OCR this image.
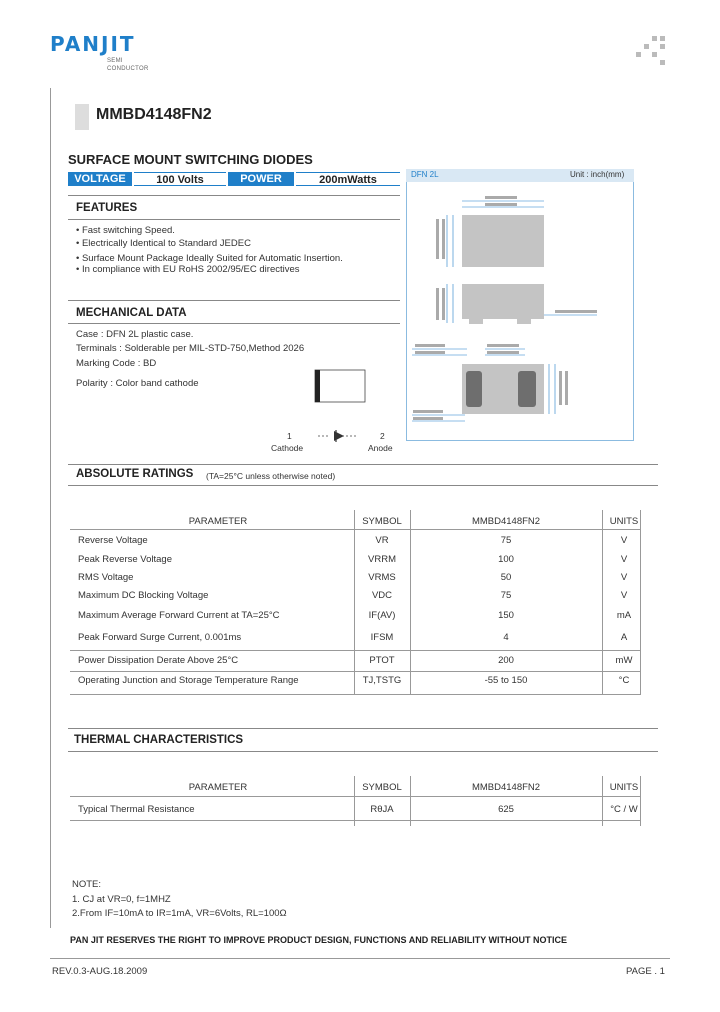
PANJIT
SEMI
CONDUCTOR
MMBD4148FN2
SURFACE MOUNT SWITCHING DIODES
VOLTAGE	100 Volts	POWER	200mWatts	DFN 2L	Unit : inch(mm)
FEATURES
• Fast switching Speed.
• Electrically Identical to Standard JEDEC
• Surface Mount Package Ideally Suited for Automatic Insertion.
• In compliance with EU RoHS 2002/95/EC directives
MECHANICAL DATA
Case : DFN 2L plastic case.
Terminals : Solderable per MIL-STD-750,Method 2026
Marking Code : BD
Polarity : Color band cathode
1
Cathode
2
Anode
ABSOLUTE RATINGS (TA=25°C unless otherwise noted)
PARAMETER	SYMBOL	MMBD4148FN2	UNITS
Reverse Voltage	VR	75	V
Peak Reverse Voltage	VRRM	100	V
RMS Voltage	VRMS	50	V
Maximum DC Blocking Voltage	VDC	75	V
Maximum Average Forward Current at TA=25°C	IF(AV)	150	mA
Peak Forward Surge Current, 0.001ms	IFSM	4	A
Power Dissipation Derate Above 25°C	PTOT	200	mW
Operating Junction and Storage Temperature Range	TJ,TSTG	-55 to 150	°C
THERMAL CHARACTERISTICS
PARAMETER	SYMBOL	MMBD4148FN2	UNITS
Typical Thermal Resistance	RθJA	625	°C / W
NOTE:
1. CJ at VR=0, f=1MHZ
2.From IF=10mA to IR=1mA, VR=6Volts, RL=100Ω
PAN JIT RESERVES THE RIGHT TO IMPROVE PRODUCT DESIGN, FUNCTIONS AND RELIABILITY WITHOUT NOTICE
REV.0.3-AUG.18.2009	PAGE . 1
